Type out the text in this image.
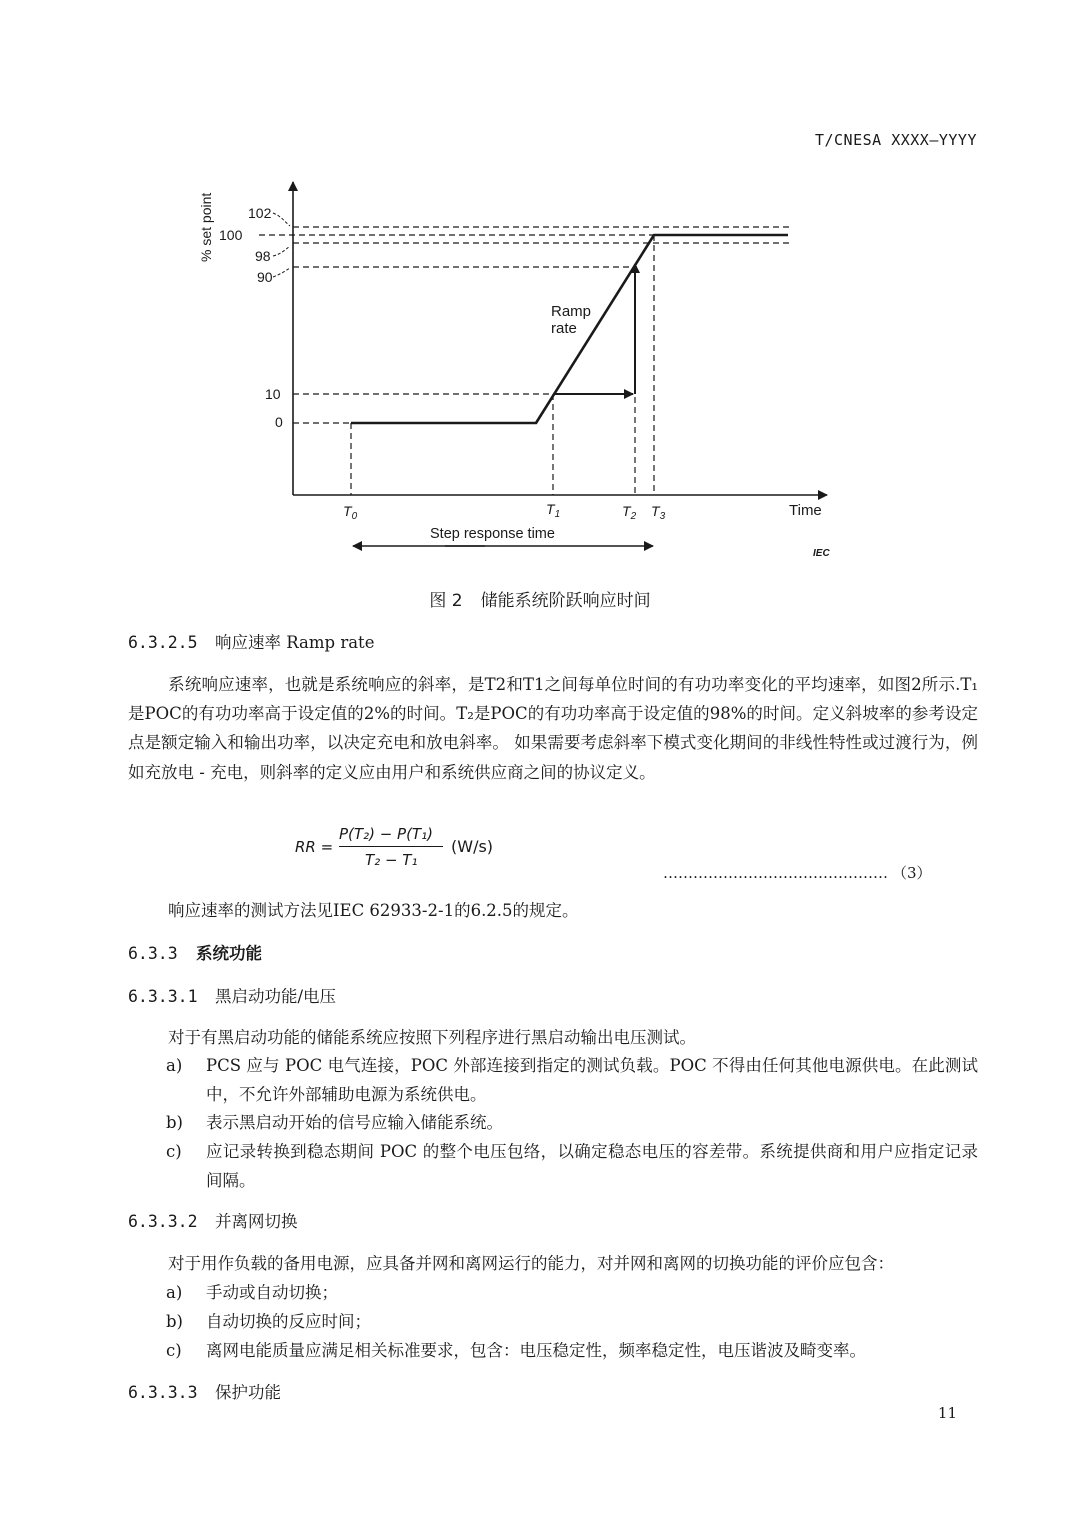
T/CNESA XXXX—YYYY
% set point 102
100
98
90
10
0
Ramp
rate
$T_0$	$T_1$	$T_2$ $T_3$	Time
Step response time
IEC
图 2 储能系统阶跃响应时间
6.3.2.5 响应速率 Ramp rate
系统响应速率，也就是系统响应的斜率，是T2和T1之间每单位时间的有功功率变化的平均速率，如图2所示.T₁是POC的有功功率高于设定值的2%的时间。T₂是POC的有功功率高于设定值的98%的时间。定义斜坡率的参考设定点是额定输入和输出功率，以决定充电和放电斜率。 如果需要考虑斜率下模式变化期间的非线性特性或过渡行为，例如充放电 - 充电，则斜率的定义应由用户和系统供应商之间的协议定义。
RR =
P(T₂) − P(T₁)
T₂ − T₁
(W/s)
……………………………………… （3）
响应速率的测试方法见IEC 62933-2-1的6.2.5的规定。
6.3.3 系统功能
6.3.3.1 黑启动功能/电压
对于有黑启动功能的储能系统应按照下列程序进行黑启动输出电压测试。
a) PCS 应与 POC 电气连接，POC 外部连接到指定的测试负载。POC 不得由任何其他电源供电。在此测试中，不允许外部辅助电源为系统供电。
b) 表示黑启动开始的信号应输入储能系统。
c) 应记录转换到稳态期间 POC 的整个电压包络，以确定稳态电压的容差带。系统提供商和用户应指定记录间隔。
6.3.3.2 并离网切换
对于用作负载的备用电源，应具备并网和离网运行的能力，对并网和离网的切换功能的评价应包含：
a) 手动或自动切换；
b) 自动切换的反应时间；
c) 离网电能质量应满足相关标准要求，包含：电压稳定性，频率稳定性，电压谐波及畸变率。
6.3.3.3 保护功能
11
